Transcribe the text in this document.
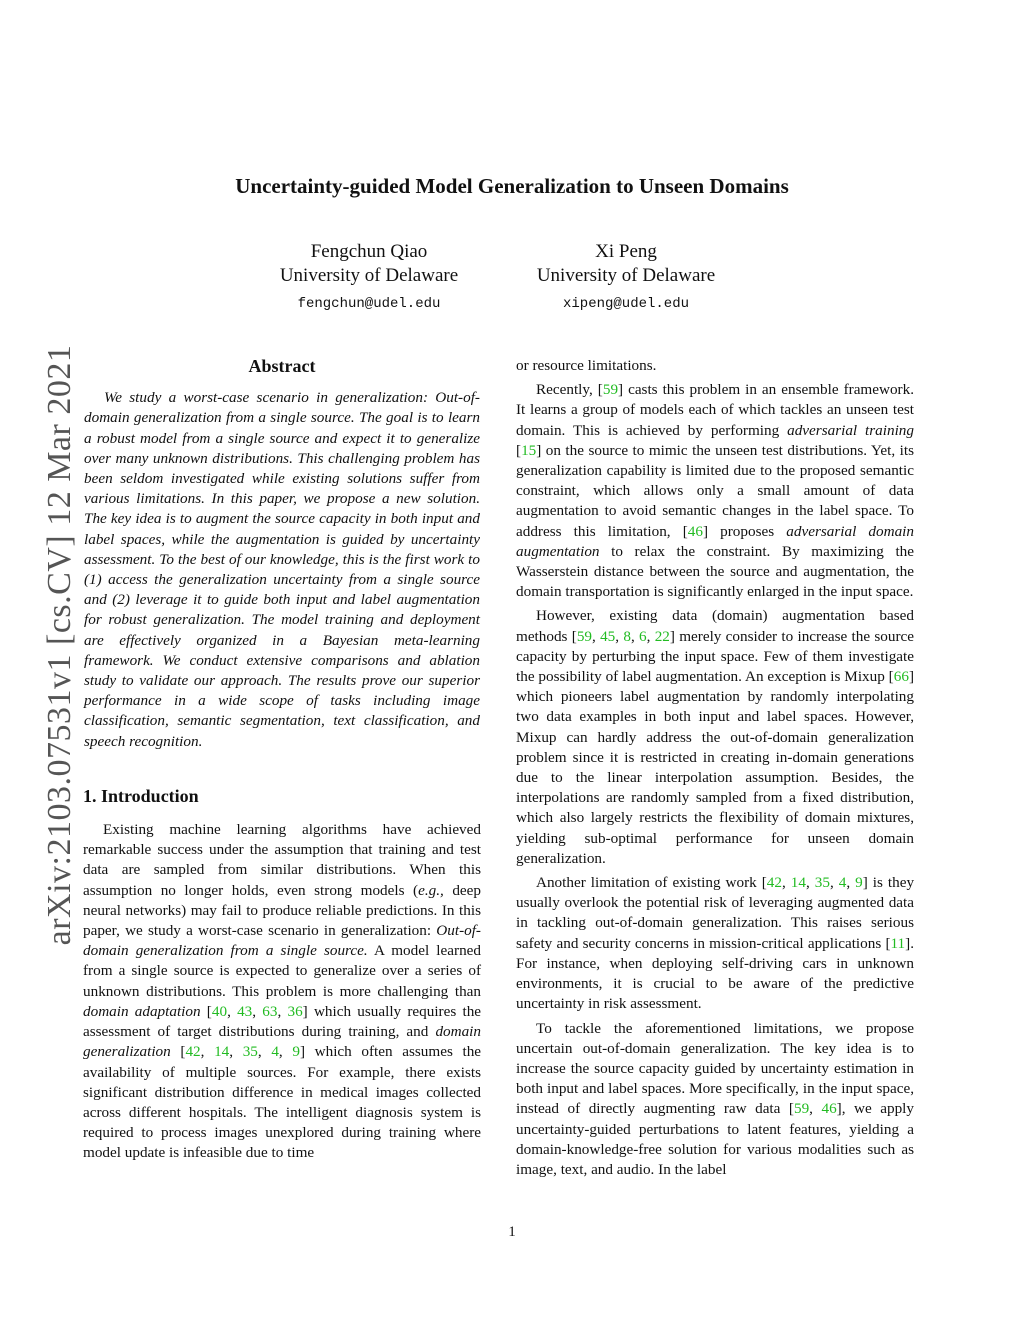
Uncertainty-guided Model Generalization to Unseen Domains
Fengchun Qiao
University of Delaware
fengchun@udel.edu
Xi Peng
University of Delaware
xipeng@udel.edu
arXiv:2103.07531v1 [cs.CV] 12 Mar 2021	Abstract

We study a worst-case scenario in generalization: Out-of-domain generalization from a single source. The goal is to learn a robust model from a single source and expect it to generalize over many unknown distributions. This challenging problem has been seldom investigated while existing solutions suffer from various limitations. In this paper, we propose a new solution. The key idea is to augment the source capacity in both input and label spaces, while the augmentation is guided by uncertainty assessment. To the best of our knowledge, this is the first work to (1) access the generalization uncertainty from a single source and (2) leverage it to guide both input and label augmentation for robust generalization. The model training and deployment are effectively organized in a Bayesian meta-learning framework. We conduct extensive comparisons and ablation study to validate our approach. The results prove our superior performance in a wide scope of tasks including image classification, semantic segmentation, text classification, and speech recognition.

1. Introduction

Existing machine learning algorithms have achieved remarkable success under the assumption that training and test data are sampled from similar distributions. When this assumption no longer holds, even strong models (e.g., deep neural networks) may fail to produce reliable predictions. In this paper, we study a worst-case scenario in generalization: Out-of-domain generalization from a single source. A model learned from a single source is expected to generalize over a series of unknown distributions. This problem is more challenging than domain adaptation [40, 43, 63, 36] which usually requires the assessment of target distributions during training, and domain generalization [42, 14, 35, 4, 9] which often assumes the availability of multiple sources. For example, there exists significant distribution difference in medical images collected across different hospitals. The intelligent diagnosis system is required to process images unexplored during training where model update is infeasible due to time

or resource limitations.

Recently, [59] casts this problem in an ensemble framework. It learns a group of models each of which tackles an unseen test domain. This is achieved by performing adversarial training [15] on the source to mimic the unseen test distributions. Yet, its generalization capability is limited due to the proposed semantic constraint, which allows only a small amount of data augmentation to avoid semantic changes in the label space. To address this limitation, [46] proposes adversarial domain augmentation to relax the constraint. By maximizing the Wasserstein distance between the source and augmentation, the domain transportation is significantly enlarged in the input space.

However, existing data (domain) augmentation based methods [59, 45, 8, 6, 22] merely consider to increase the source capacity by perturbing the input space. Few of them investigate the possibility of label augmentation. An exception is Mixup [66] which pioneers label augmentation by randomly interpolating two data examples in both input and label spaces. However, Mixup can hardly address the out-of-domain generalization problem since it is restricted in creating in-domain generations due to the linear interpolation assumption. Besides, the interpolations are randomly sampled from a fixed distribution, which also largely restricts the flexibility of domain mixtures, yielding sub-optimal performance for unseen domain generalization.

Another limitation of existing work [42, 14, 35, 4, 9] is they usually overlook the potential risk of leveraging augmented data in tackling out-of-domain generalization. This raises serious safety and security concerns in mission-critical applications [11]. For instance, when deploying self-driving cars in unknown environments, it is crucial to be aware of the predictive uncertainty in risk assessment.

To tackle the aforementioned limitations, we propose uncertain out-of-domain generalization. The key idea is to increase the source capacity guided by uncertainty estimation in both input and label spaces. More specifically, in the input space, instead of directly augmenting raw data [59, 46], we apply uncertainty-guided perturbations to latent features, yielding a domain-knowledge-free solution for various modalities such as image, text, and audio. In the label

1
